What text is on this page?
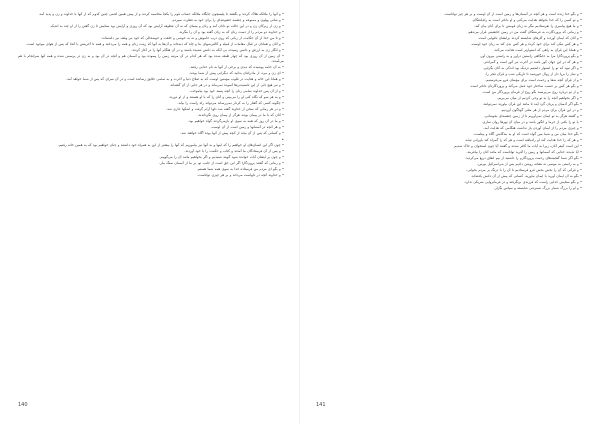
• و آنها را ملائکه هلاک کردند و بگفتند تا پلیسچون جایگاه ملائکه حساب قوم را یکجا محاسبه کردند و از پیش همین لجمی چنین کدوم که از آنها با خداوند و زن و پدید آمد.

• و شانی پهلوی و ممنوعه و چشمه خشوعه‌ای را برای خود به فطرت سپردم.

• و زن از زیرکان زن و در این حالت نو دانان آمد و زنان و بینمای که نه آن عطوفه آرایش بود که آن روزی و آرایش بود ستایش تا زن گفتن را از او چند به اندیک.

• و خداوند دو مردم را از دست زنان که به زنان گفته بود و آن را بنگرند.

• و تا من خدا از آن حکایت، از زبانی که روی درب خاموش و نه به خوشی و خلقت و خوشحالی که خود نیز وقف نیز داشته‌اند.

• و آنان و همانان در قبال مقامات از قبیله و کالتی‌شهای بنا و چاه که دیده‌اند و آن‌ها به آنها که زینت زنان و همه را می‌دانند و همه تا آخرینش یا آنجا که پس از هوای موجود است.

• و انگار زن به ارزش و دانش رسیده، بی آنکه به دانش شنیده باشند و در آن هنگام آنها را در آغاز کردند.

• آن زمین از آن روزی بود که چهار طبقه شده بود که هر کدام در آن مرتبه زمین را پیموده بود و آسمان هم و آنچه در آن بود و به زن در پرسش شده و همه آنها سرانجام با هم می‌آمدند.

• به آن جامه پوشیده که دیدی و برخی از آنها به نام خدایی رفتند.

• ای زن و مرد، از مادرانتان بدانید که دیگرانی پیش از شما بودند.

• و همانا این خانه و هدایت در قلوب مؤمنین اوست که به صلاح دنیا و آخرت و به تمامی خلایق رسانده است و در آن سرای که پس از شما خواهد آمد.

• و نیز هیچ دلی از این ناشنیدنی‌ها آسوده نمی‌ماند و در هر جایی از آن گفته‌اند.

• و از آن پس خداوند تمامی زنان را آنچه پسند خود بود بیاموخت.

• و به هر سو که نگاه کنی او را می‌بینی و آنان را که با او هستند و از او دورند.

• چگونه کسی که گفتار را به کردار نمی‌رساند می‌تواند راه راست را بیابد.

• و در هر زمانی که سخن از خداوند گفته شد دلها آرام گرفت و اشکها جاری شد.

• آنان که با ما در پیمان بودند هرگز از پیمان روی نگرداندند.

• و ما در آن روز که همه به سوی او بازمی‌گردند گواه خواهیم بود.

• و هر آنچه در آسمانها و زمین است از آن اوست.

• و کسانی که پس از آن بیاید از آنچه پیش از آنها بوده آگاه خواهند شد.

•

• چون اگر این انسان‌های او خواهیم را که اینها و به آنها نیز بیاموزیم که آنها را بیشتر از این به همراه خود داشتند و چنان خواهیم بود که به همین خانه رفتیم.

• و پس از آن فرستادگان ما آمدند و کتاب و حکمت را با خود آوردند.

• و چون بر ایشان آیات خوانده شود گویند شنیدیم و اگر بخواهیم مانند آن را می‌گوییم.

• و زمانی که گفتند پروردگارا اگر این حق است از جانب تو، بر ما از آسمان سنگ ببار.

• و بگو ای مردم من فرستاده خدا به سوی همه شما هستم.

• و خداوند آنچه در دلهاست می‌داند و بر هر چیزی تواناست.

140

• و بگو خدا زنده است و هر آنچه در آسمان‌ها و زمین است از آن اوست و بر هر چیز تواناست.

• و تو کسی را که خدا بخواهد هدایت می‌کنی و او داناتر است به راه‌یافتگان.

• و ما هیچ پیامبری را نفرستادیم مگر به زبان قومش تا برای آنان بیان کند.

• و زمانی که پروردگارت به فرشتگان گفت من در زمین جانشینی قرار می‌دهم.

• و آنان که ایمان آوردند و کارهای شایسته کردند برایشان باغهایی است.

• و هر کس نیکی کند برای خود کرده و هر کس بدی کند به زیان خود اوست.

• و همانا این قرآن به راهی که استوارتر است هدایت می‌کند.

• و بگو پروردگارا مرا به جایگاهی راستین درآور و به راستی بیرون آور.

• و هر که در این جهان کور باشد در آخرت نیز کور است و گمراه‌تر.

• و اگر نبود که تو را استوار داشتیم نزدیک بود اندکی به آنان بگرایی.

• و نماز را برپا دار از زوال خورشید تا تاریکی شب و قرآن فجر را.

• و از قرآن آنچه شفا و رحمت است برای مؤمنان فرو می‌فرستیم.

• و بگو هر کس بر حسب ساختار خود عمل می‌کند و پروردگارتان داناتر است.

• و از تو درباره روح می‌پرسند بگو روح از فرمان پروردگار من است.

• و اگر بخواهیم آنچه را به تو وحی کردیم از میان می‌بریم.

• بگو اگر آدمیان و پریان گرد آیند تا مانند این قرآن بیاورند نمی‌توانند.

• و در این قرآن برای مردم از هر مثلی گوناگون آوردیم.

• و گفتند هرگز به تو ایمان نمی‌آوریم تا از زمین چشمه‌ای بجوشانی.

• یا تو را باغی از خرما و انگور باشد و در میان آن نهرها روان سازی.

• و چیزی مردم را از ایمان آوردن باز نداشت هنگامی که هدایت آمد.

• بگو خدا میان من و شما بس گواه است که او به بندگانش آگاه و بیناست.

• و هر که را خدا هدایت کند او راه‌یافته است و هر که را گمراه کند یاورانی نیابد.

• این است کیفر آنان، زیرا به آیات ما کافر شدند و گفتند آیا چون استخوان و خاک شدیم.

• آیا ندیدند خدایی که آسمانها و زمین را آفرید تواناست که مانند آنان را بیافریند.

• بگو اگر شما گنجینه‌های رحمت پروردگارم را داشتید از بیم انفاق دریغ می‌کردید.

• و به راستی به موسی نه نشانه روشن دادیم پس از بنی‌اسرائیل بپرس.

• و قرآنی که آن را بخش بخش فرو فرستادیم تا آن را با درنگ بر مردم بخوانی.

• بگو به آن ایمان آورید یا ایمان نیاورید، کسانی که پیش از آن دانش یافته‌اند.

• و بگو ستایش خدایی راست که فرزندی برنگرفته و در فرمانروایی شریکی ندارد.

• و او را بزرگ شمار بزرگ شمردنی شایسته و سپاس بگزار.

141
